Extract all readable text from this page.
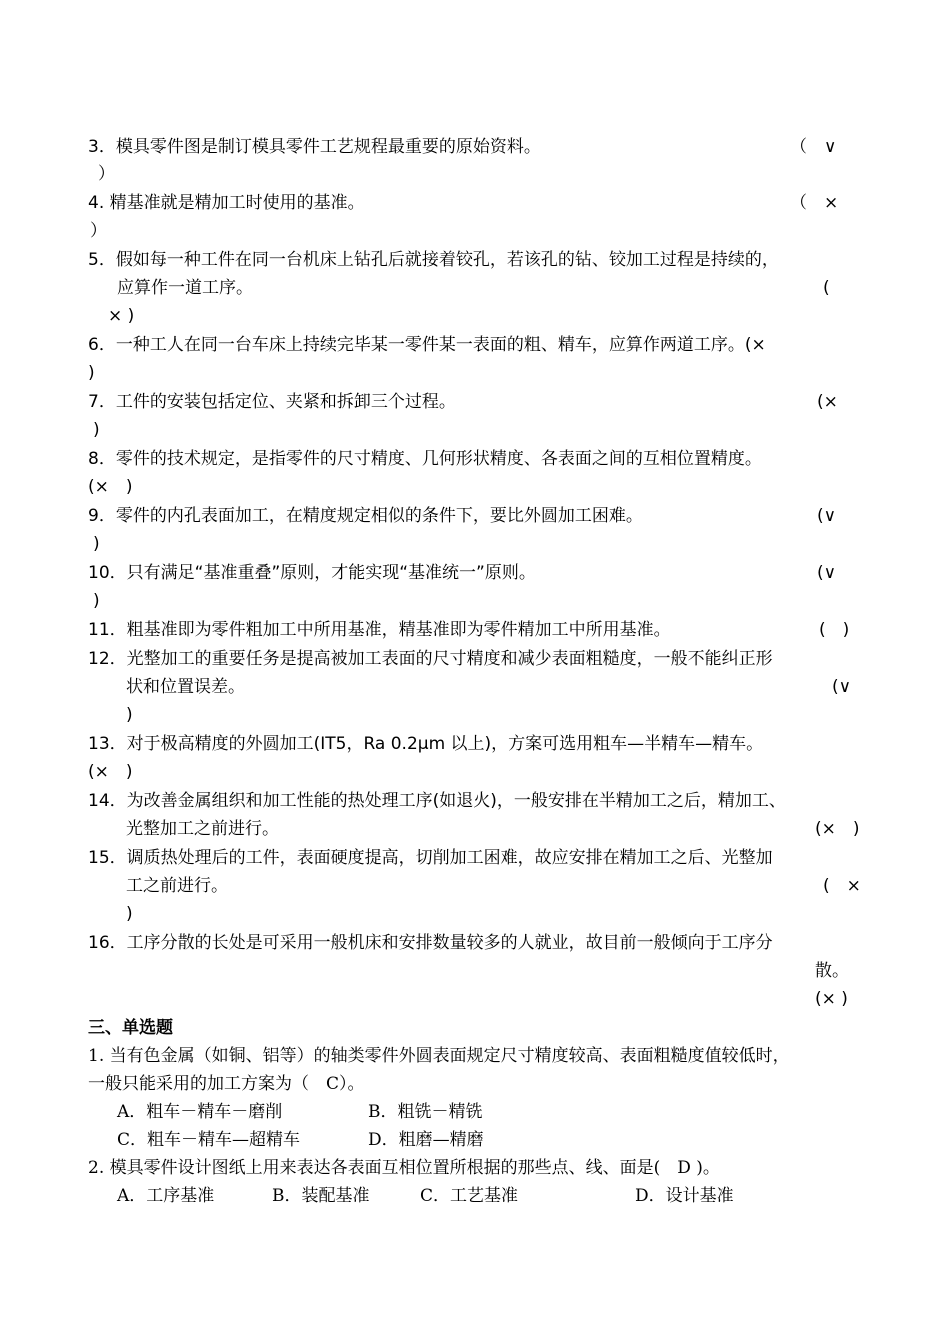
3．模具零件图是制订模具零件工艺规程最重要的原始资料。	（　∨
）
4. 精基准就是精加工时使用的基准。	（　×
）
5．假如每一种工件在同一台机床上钻孔后就接着铰孔，若该孔的钻、铰加工过程是持续的，
应算作一道工序。	(
× )
6．一种工人在同一台车床上持续完毕某一零件某一表面的粗、精车，应算作两道工序。(×
)
7．工件的安装包括定位、夹紧和拆卸三个过程。	(×
)
8．零件的技术规定，是指零件的尺寸精度、几何形状精度、各表面之间的互相位置精度。
(×　)
9．零件的内孔表面加工，在精度规定相似的条件下，要比外圆加工困难。	(∨
)
10．只有满足“基准重叠”原则，才能实现“基准统一”原则。	(∨
)
11．粗基准即为零件粗加工中所用基准，精基准即为零件精加工中所用基准。	(　)
12．光整加工的重要任务是提高被加工表面的尺寸精度和减少表面粗糙度，一般不能纠正形
状和位置误差。	(∨
)
13．对于极高精度的外圆加工(IT5，Ra 0.2μm 以上)，方案可选用粗车—半精车—精车。
(×　)
14．为改善金属组织和加工性能的热处理工序(如退火)，一般安排在半精加工之后，精加工、
光整加工之前进行。	(×　)
15．调质热处理后的工件，表面硬度提高，切削加工困难，故应安排在精加工之后、光整加
工之前进行。	(　×
)
16．工序分散的长处是可采用一般机床和安排数量较多的人就业，故目前一般倾向于工序分
散。
(× )
三、单选题
1. 当有色金属（如铜、铝等）的轴类零件外圆表面规定尺寸精度较高、表面粗糙度值较低时，
一般只能采用的加工方案为（　C）。
A．粗车－精车－磨削	B．粗铣－精铣
C．粗车－精车—超精车	D．粗磨—精磨
2. 模具零件设计图纸上用来表达各表面互相位置所根据的那些点、线、面是(　D )。
A．工序基准	B．装配基准	C．工艺基准	D．设计基准
